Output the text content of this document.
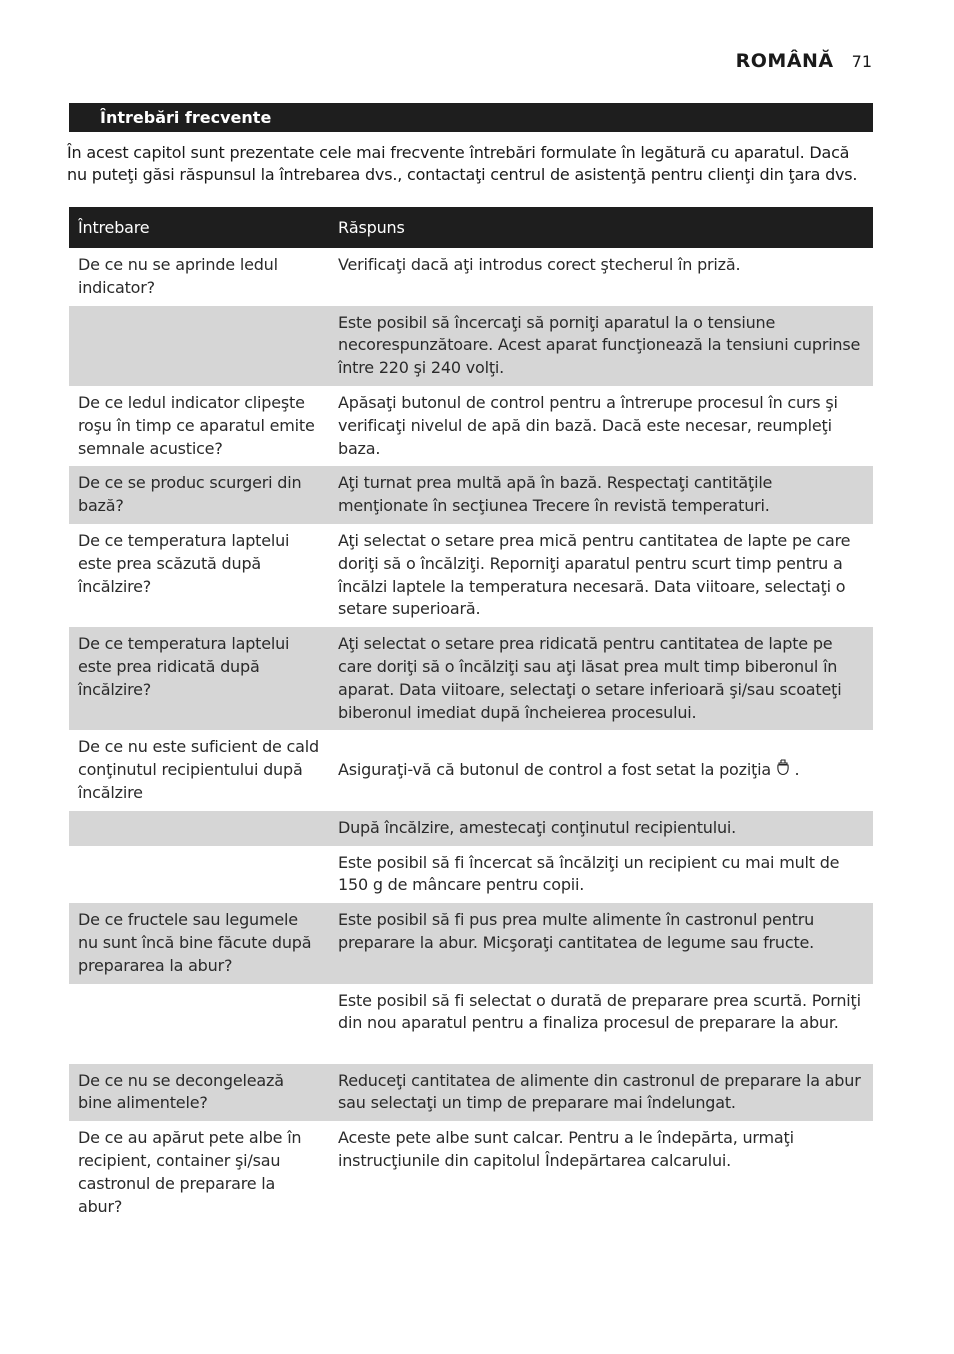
ROMÂNĂ 71
Întrebări frecvente
În acest capitol sunt prezentate cele mai frecvente întrebări formulate în legătură cu aparatul. Dacă nu puteţi găsi răspunsul la întrebarea dvs., contactaţi centrul de asistenţă pentru clienţi din ţara dvs.
Întrebare	Răspuns
De ce nu se aprinde ledul indicator?	Verificaţi dacă aţi introdus corect ştecherul în priză.
	Este posibil să încercaţi să porniţi aparatul la o tensiune necorespunzătoare. Acest aparat funcţionează la tensiuni cuprinse între 220 şi 240 volţi.
De ce ledul indicator clipeşte roşu în timp ce aparatul emite semnale acustice?	Apăsaţi butonul de control pentru a întrerupe procesul în curs şi verificaţi nivelul de apă din bază. Dacă este necesar, reumpleţi baza.
De ce se produc scurgeri din bază?	Aţi turnat prea multă apă în bază. Respectaţi cantităţile menţionate în secţiunea Trecere în revistă temperaturi.
De ce temperatura laptelui este prea scăzută după încălzire?	Aţi selectat o setare prea mică pentru cantitatea de lapte pe care doriţi să o încălziţi. Reporniţi aparatul pentru scurt timp pentru a încălzi laptele la temperatura necesară. Data viitoare, selectaţi o setare superioară.
De ce temperatura laptelui este prea ridicată după încălzire?	Aţi selectat o setare prea ridicată pentru cantitatea de lapte pe care doriţi să o încălziţi sau aţi lăsat prea mult timp biberonul în aparat. Data viitoare, selectaţi o setare inferioară şi/sau scoateţi biberonul imediat după încheierea procesului.
De ce nu este suficient de cald conţinutul recipientului după încălzire	Asiguraţi-vă că butonul de control a fost setat la poziţia .
	După încălzire, amestecaţi conţinutul recipientului.
	Este posibil să fi încercat să încălziţi un recipient cu mai mult de 150 g de mâncare pentru copii.
De ce fructele sau legumele nu sunt încă bine făcute după prepararea la abur?	Este posibil să fi pus prea multe alimente în castronul pentru preparare la abur. Micşoraţi cantitatea de legume sau fructe.
	Este posibil să fi selectat o durată de preparare prea scurtă. Porniţi din nou aparatul pentru a finaliza procesul de preparare la abur.
De ce nu se decongelează bine alimentele?	Reduceţi cantitatea de alimente din castronul de preparare la abur sau selectaţi un timp de preparare mai îndelungat.
De ce au apărut pete albe în recipient, container şi/sau castronul de preparare la abur?	Aceste pete albe sunt calcar. Pentru a le îndepărta, urmaţi instrucţiunile din capitolul Îndepărtarea calcarului.
